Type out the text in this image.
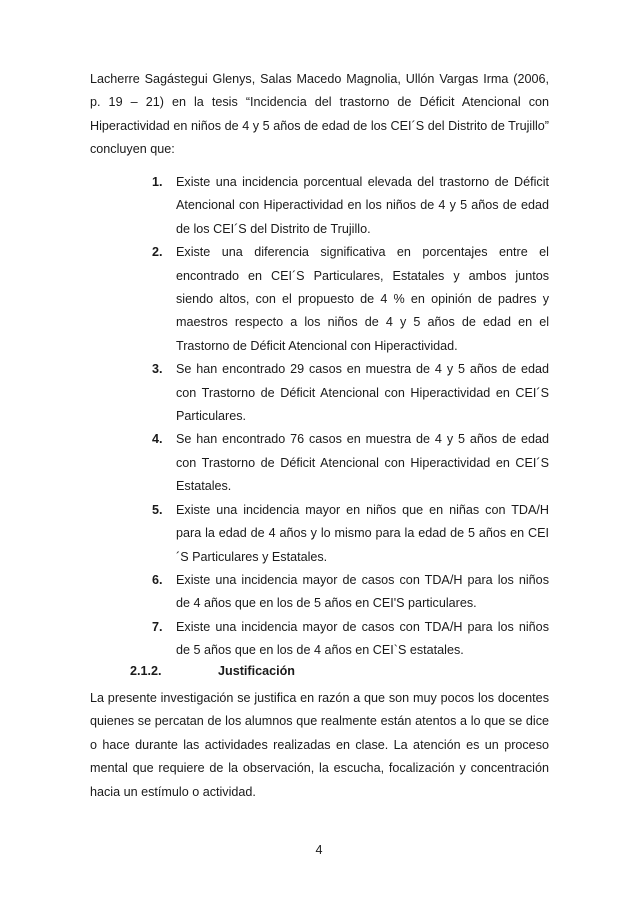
Lacherre Sagástegui Glenys, Salas Macedo Magnolia, Ullón Vargas Irma (2006, p. 19 – 21) en la tesis “Incidencia del trastorno de Déficit Atencional con Hiperactividad en niños de 4 y 5 años de edad de los CEI´S del Distrito de Trujillo” concluyen que:

1. Existe una incidencia porcentual elevada del trastorno de Déficit Atencional con Hiperactividad en los niños de 4 y 5 años de edad de los CEI´S del Distrito de Trujillo.
2. Existe una diferencia significativa en porcentajes entre el encontrado en CEI´S Particulares, Estatales y ambos juntos siendo altos, con el propuesto de 4 % en opinión de padres y maestros respecto a los niños de 4 y 5 años de edad en el Trastorno de Déficit Atencional con Hiperactividad.
3. Se han encontrado 29 casos en muestra de 4 y 5 años de edad con Trastorno de Déficit Atencional con Hiperactividad en CEI´S Particulares.
4. Se han encontrado 76 casos en muestra de 4 y 5 años de edad con Trastorno de Déficit Atencional con Hiperactividad en CEI´S Estatales.
5. Existe una incidencia mayor en niños que en niñas con TDA/H para la edad de 4 años y lo mismo para la edad de 5 años en CEI´S Particulares y Estatales.
6. Existe una incidencia mayor de casos con TDA/H para los niños de 4 años que en los de 5 años en CEI'S particulares.
7. Existe una incidencia mayor de casos con TDA/H para los niños de 5 años que en los de 4 años en CEI`S estatales.
2.1.2.	Justificación

La presente investigación se justifica en razón a que son muy pocos los docentes quienes se percatan de los alumnos que realmente están atentos a lo que se dice o hace durante las actividades realizadas en clase. La atención es un proceso mental que requiere de la observación, la escucha, focalización y concentración hacia un estímulo o actividad.

4
